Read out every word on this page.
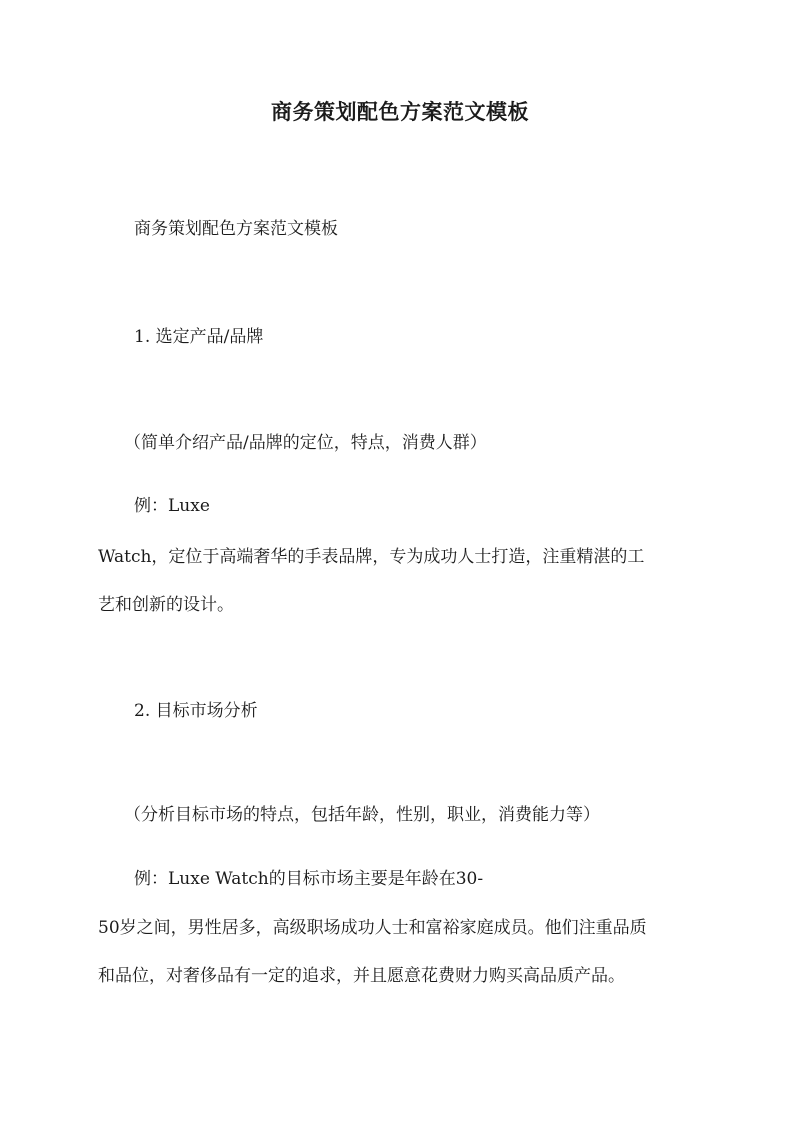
商务策划配色方案范文模板
商务策划配色方案范文模板
1. 选定产品/品牌
（简单介绍产品/品牌的定位，特点，消费人群）
例：Luxe
Watch，定位于高端奢华的手表品牌，专为成功人士打造，注重精湛的工
艺和创新的设计。
2. 目标市场分析
（分析目标市场的特点，包括年龄，性别，职业，消费能力等）
例：Luxe Watch的目标市场主要是年龄在30-
50岁之间，男性居多，高级职场成功人士和富裕家庭成员。他们注重品质
和品位，对奢侈品有一定的追求，并且愿意花费财力购买高品质产品。
